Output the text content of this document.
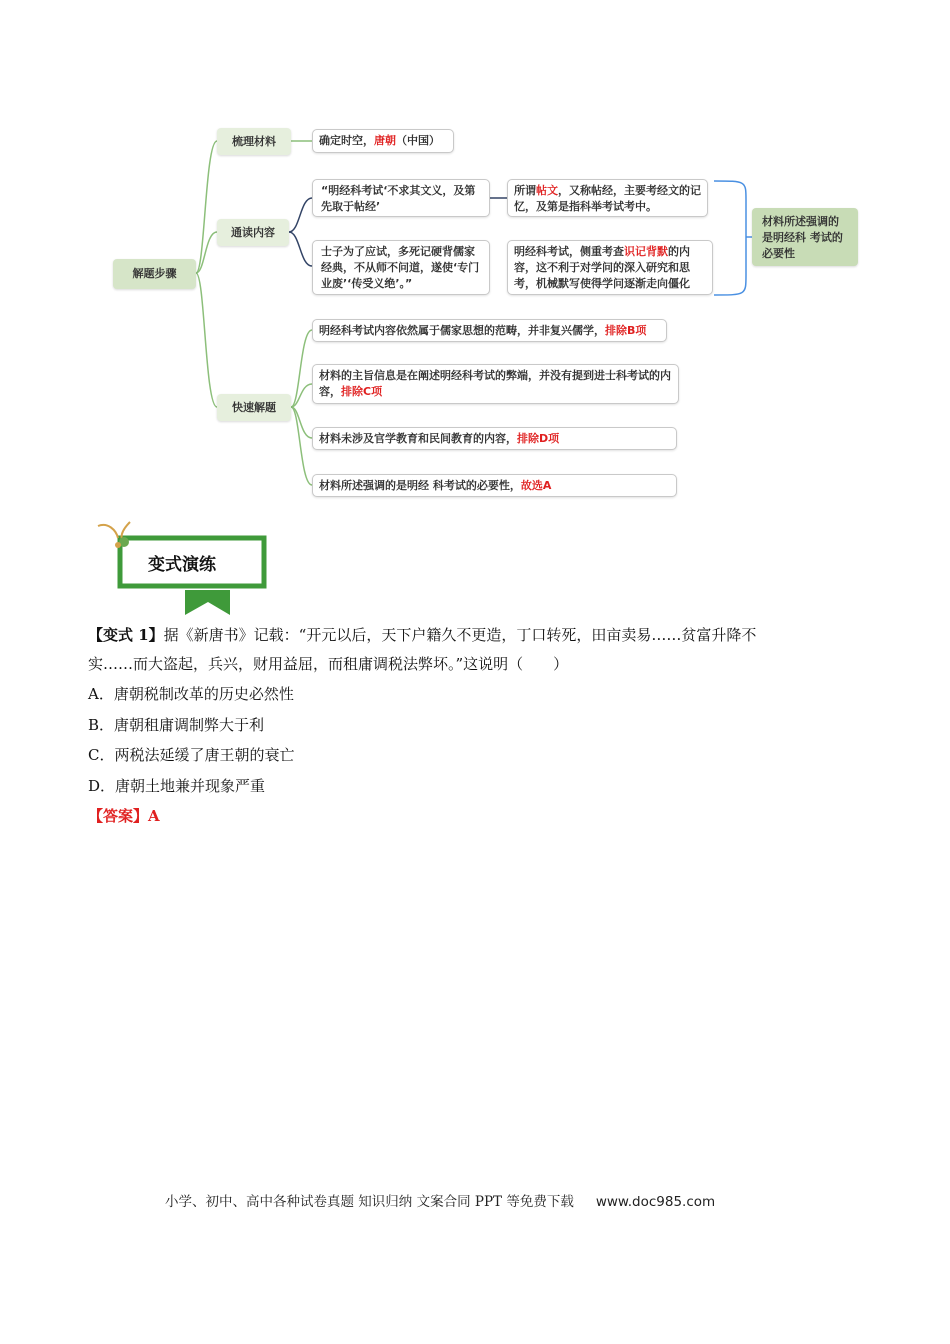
解题步骤
梳理材料
通读内容
快速解题
确定时空，唐朝（中国）
“明经科考试‘不求其文义，及第先取于帖经’
士子为了应试，多死记硬背儒家经典，不从师不问道，遂使‘专门业废’‘传受义绝’。”
所谓帖文，又称帖经，主要考经文的记忆，及第是指科举考试考中。
明经科考试，侧重考查识记背默的内容，这不利于对学问的深入研究和思考，机械默写使得学问逐渐走向僵化
材料所述强调的是明经科 考试的必要性
明经科考试内容依然属于儒家思想的范畴，并非复兴儒学，排除B项
材料的主旨信息是在阐述明经科考试的弊端，并没有提到进士科考试的内容，排除C项
材料未涉及官学教育和民间教育的内容，排除D项
材料所述强调的是明经 科考试的必要性，故选A
变式演练
【变式 1】据《新唐书》记载：“开元以后，天下户籍久不更造，丁口转死，田亩卖易……贫富升降不
实……而大盗起，兵兴，财用益屈，而租庸调税法弊坏。”这说明（　　）
A．唐朝税制改革的历史必然性
B．唐朝租庸调制弊大于利
C．两税法延缓了唐王朝的衰亡
D．唐朝土地兼并现象严重
【答案】A
小学、初中、高中各种试卷真题 知识归纳 文案合同 PPT 等免费下载 www.doc985.com
